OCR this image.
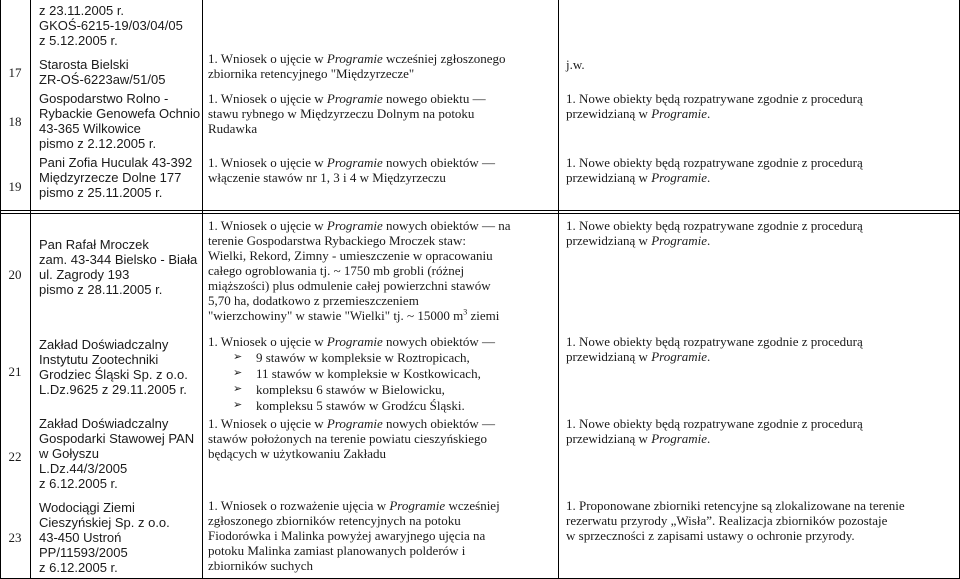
17
18
19
20
21
22
23
z 23.11.2005 r.
GKOŚ-6215-19/03/04/05
z 5.12.2005 r.
Starosta Bielski
ZR-OŚ-6223aw/51/05
Gospodarstwo Rolno -
Rybackie Genowefa Ochnio
43-365 Wilkowice
pismo z 2.12.2005 r.
Pani Zofia Huculak 43-392
Międzyrzecze Dolne 177
pismo z 25.11.2005 r.
Pan Rafał Mroczek
zam. 43-344 Bielsko - Biała
ul. Zagrody 193
pismo z 28.11.2005 r.
Zakład Doświadczalny
Instytutu Zootechniki
Grodziec Śląski Sp. z o.o.
L.Dz.9625 z 29.11.2005 r.
Zakład Doświadczalny
Gospodarki Stawowej PAN
w Gołyszu
L.Dz.44/3/2005
z 6.12.2005 r.
Wodociągi Ziemi
Cieszyńskiej Sp. z o.o.
43-450 Ustroń
PP/11593/2005
z 6.12.2005 r.
1. Wniosek o ujęcie w Programie wcześniej zgłoszonego
zbiornika retencyjnego "Międzyrzecze"
1. Wniosek o ujęcie w Programie nowego obiektu —
stawu rybnego w Międzyrzeczu Dolnym na potoku
Rudawka
1. Wniosek o ujęcie w Programie nowych obiektów —
włączenie stawów nr 1, 3 i 4 w Międzyrzeczu
1. Wniosek o ujęcie w Programie nowych obiektów — na
terenie Gospodarstwa Rybackiego Mroczek staw:
Wielki, Rekord, Zimny - umieszczenie w opracowaniu
całego ogroblowania tj. ~ 1750 mb grobli (różnej
miąższości) plus odmulenie całej powierzchni stawów
5,70 ha, dodatkowo z przemieszczeniem
"wierzchowiny" w stawie "Wielki" tj. ~ 15000 $m^3$ ziemi
1. Wniosek o ujęcie w Programie nowych obiektów —
➢ 9 stawów w kompleksie w Roztropicach,
➢ 11 stawów w kompleksie w Kostkowicach,
➢ kompleksu 6 stawów w Bielowicku,
➢ kompleksu 5 stawów w Grodźcu Śląski.
1. Wniosek o ujęcie w Programie nowych obiektów —
stawów położonych na terenie powiatu cieszyńskiego
będących w użytkowaniu Zakładu
1. Wniosek o rozważenie ujęcia w Programie wcześniej
zgłoszonego zbiorników retencyjnych na potoku
Fiodorówka i Malinka powyżej awaryjnego ujęcia na
potoku Malinka zamiast planowanych polderów i
zbiorników suchych
j.w.
1. Nowe obiekty będą rozpatrywane zgodnie z procedurą
przewidzianą w Programie.
1. Nowe obiekty będą rozpatrywane zgodnie z procedurą
przewidzianą w Programie.
1. Nowe obiekty będą rozpatrywane zgodnie z procedurą
przewidzianą w Programie.
1. Nowe obiekty będą rozpatrywane zgodnie z procedurą
przewidzianą w Programie.
1. Nowe obiekty będą rozpatrywane zgodnie z procedurą
przewidzianą w Programie.
1. Proponowane zbiorniki retencyjne są zlokalizowane na terenie
rezerwatu przyrody „Wisła”. Realizacja zbiorników pozostaje
w sprzeczności z zapisami ustawy o ochronie przyrody.
